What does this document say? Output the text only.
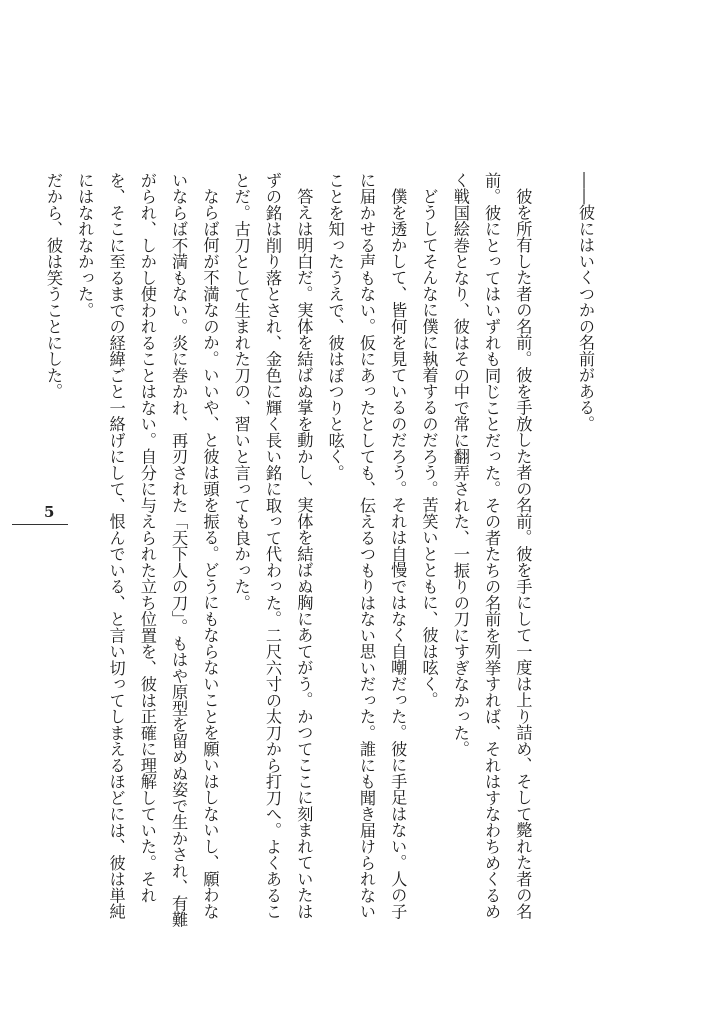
――彼にはいくつかの名前がある。

彼を所有した者の名前。彼を手放した者の名前。彼を手にして一度は上り詰め、そして斃れた者の名前。彼にとってはいずれも同じことだった。その者たちの名前を列挙すれば、それはすなわちめくるめく戦国絵巻となり、彼はその中で常に翻弄された、一振りの刀にすぎなかった。

どうしてそんなに僕に執着するのだろう。苦笑いとともに、彼は呟く。

僕を透かして、皆何を見ているのだろう。それは自慢ではなく自嘲だった。彼に手足はない。人の子に届かせる声もない。仮にあったとしても、伝えるつもりはない思いだった。誰にも聞き届けられないことを知ったうえで、彼はぽつりと呟く。

答えは明白だ。実体を結ばぬ掌を動かし、実体を結ばぬ胸にあてがう。かつてここに刻まれていたはずの銘は削り落とされ、金色に輝く長い銘に取って代わった。二尺六寸の太刀から打刀へ。よくあることだ。古刀として生まれた刀の、習いと言っても良かった。

ならば何が不満なのか。いいや、と彼は頭を振る。どうにもならないことを願いはしないし、願わないならば不満もない。炎に巻かれ、再刃された「天下人の刀」。もはや原型を留めぬ姿で生かされ、有難がられ、しかし使われることはない。自分に与えられた立ち位置を、彼は正確に理解していた。それを、そこに至るまでの経緯ごと一絡げにして、恨んでいる、と言い切ってしまえるほどには、彼は単純にはなれなかった。

だから、彼は笑うことにした。

5
